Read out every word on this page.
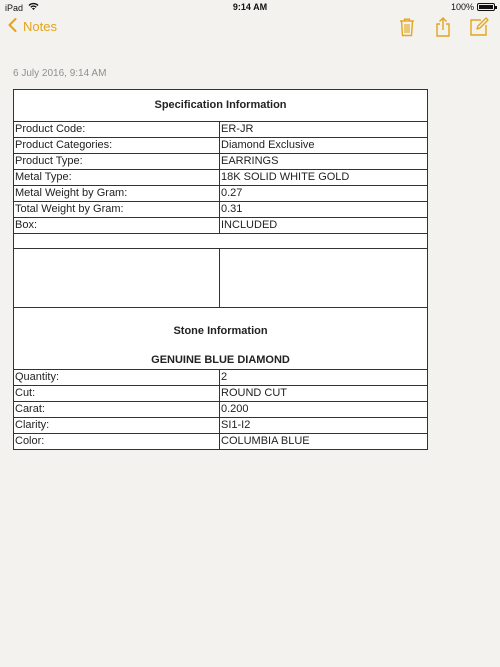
iPad	9:14 AM	100%
Notes
6 July 2016, 9:14 AM
Specification Information	
Product Code:	ER-JR
Product Categories:	Diamond Exclusive
Product Type:	EARRINGS
Metal Type:	18K SOLID WHITE GOLD
Metal Weight by Gram:	0.27
Total Weight by Gram:	0.31
Box:	INCLUDED

Stone Information
GENUINE BLUE DIAMOND	

Quantity:	2
Cut:	ROUND CUT
Carat:	0.200
Clarity:	SI1-I2
Color:	COLUMBIA BLUE
